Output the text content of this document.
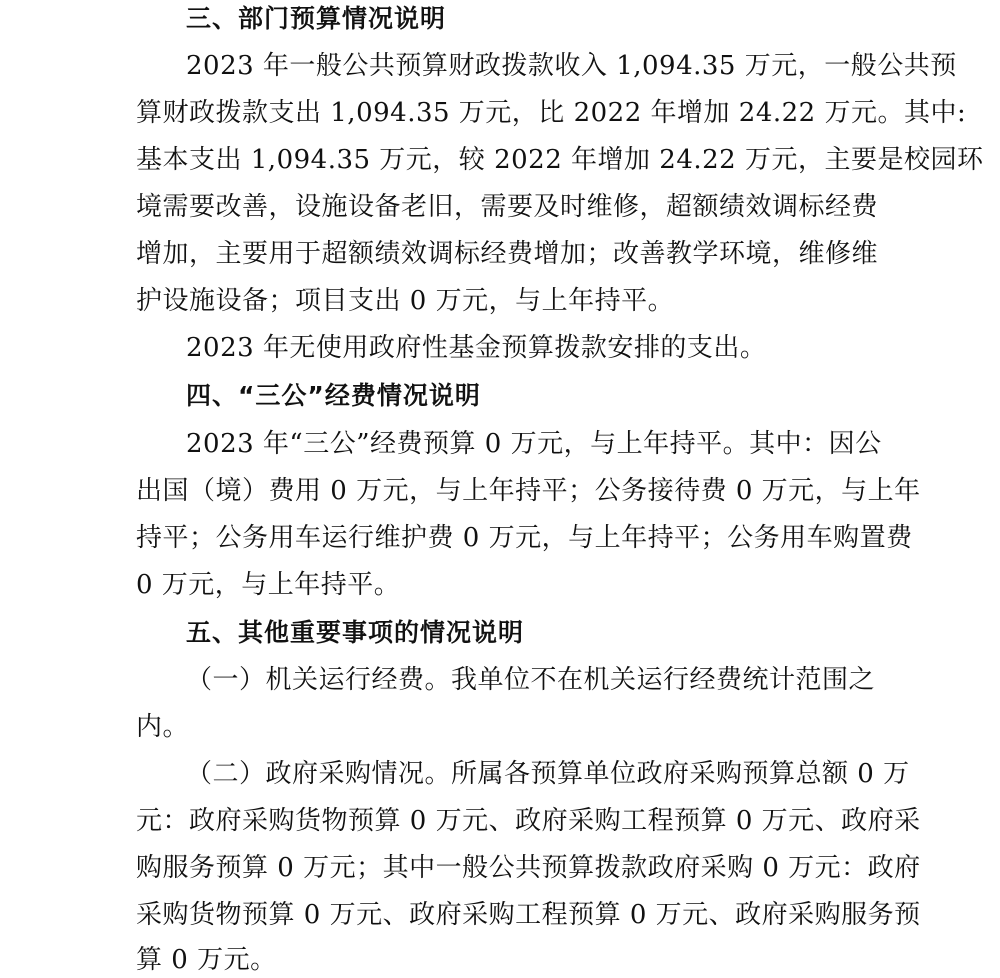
三、部门预算情况说明
2023 年一般公共预算财政拨款收入 1,094.35 万元，一般公共预
算财政拨款支出 1,094.35 万元，比 2022 年增加 24.22 万元。其中:
基本支出 1,094.35 万元，较 2022 年增加 24.22 万元，主要是校园环
境需要改善，设施设备老旧，需要及时维修，超额绩效调标经费
增加，主要用于超额绩效调标经费增加；改善教学环境，维修维
护设施设备；项目支出 0 万元，与上年持平。
2023 年无使用政府性基金预算拨款安排的支出。
四、“三公”经费情况说明
2023 年“三公”经费预算 0 万元，与上年持平。其中：因公
出国（境）费用 0 万元，与上年持平；公务接待费 0 万元，与上年
持平；公务用车运行维护费 0 万元，与上年持平；公务用车购置费
0 万元，与上年持平。
五、其他重要事项的情况说明
（一）机关运行经费。我单位不在机关运行经费统计范围之
内。
（二）政府采购情况。所属各预算单位政府采购预算总额 0 万
元：政府采购货物预算 0 万元、政府采购工程预算 0 万元、政府采
购服务预算 0 万元；其中一般公共预算拨款政府采购 0 万元：政府
采购货物预算 0 万元、政府采购工程预算 0 万元、政府采购服务预
算 0 万元。
